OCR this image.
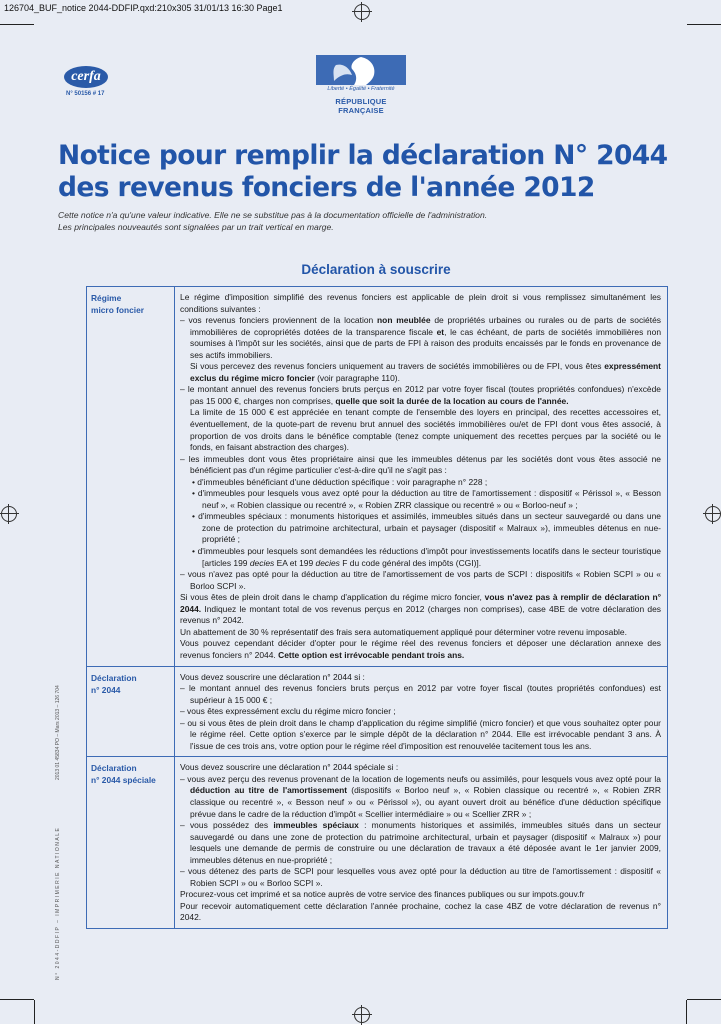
126704_BUF_notice 2044-DDFIP.qxd:210x305 31/01/13 16:30 Page1
cerfa
N° 50156 # 17
Liberté • Égalité • Fraternité
RÉPUBLIQUE FRANÇAISE
Notice pour remplir la déclaration N° 2044
des revenus fonciers de l'année 2012
Cette notice n'a qu'une valeur indicative. Elle ne se substitue pas à la documentation officielle de l'administration.
Les principales nouveautés sont signalées par un trait vertical en marge.
Déclaration à souscrire
Régime
micro foncier

Le régime d'imposition simplifié des revenus fonciers est applicable de plein droit si vous remplissez simultanément les conditions suivantes :

– vos revenus fonciers proviennent de la location non meublée de propriétés urbaines ou rurales ou de parts de sociétés immobilières de copropriétés dotées de la transparence fiscale et, le cas échéant, de parts de sociétés immobilières non soumises à l'impôt sur les sociétés, ainsi que de parts de FPI à raison des produits encaissés par le fonds en provenance de ses actifs immobiliers.

Si vous percevez des revenus fonciers uniquement au travers de sociétés immobilières ou de FPI, vous êtes expressément exclus du régime micro foncier (voir paragraphe 110).

– le montant annuel des revenus fonciers bruts perçus en 2012 par votre foyer fiscal (toutes propriétés confondues) n'excède pas 15 000 €, charges non comprises, quelle que soit la durée de la location au cours de l'année.

La limite de 15 000 € est appréciée en tenant compte de l'ensemble des loyers en principal, des recettes accessoires et, éventuellement, de la quote-part de revenu brut annuel des sociétés immobilières ou/et de FPI dont vous êtes associé, à proportion de vos droits dans le bénéfice comptable (tenez compte uniquement des recettes perçues par la société ou le fonds, en faisant abstraction des charges).

– les immeubles dont vous êtes propriétaire ainsi que les immeubles détenus par les sociétés dont vous êtes associé ne bénéficient pas d'un régime particulier c'est-à-dire qu'il ne s'agit pas :

• d'immeubles bénéficiant d'une déduction spécifique : voir paragraphe n° 228 ;

• d'immeubles pour lesquels vous avez opté pour la déduction au titre de l'amortissement : dispositif « Périssol », « Besson neuf », « Robien classique ou recentré », « Robien ZRR classique ou recentré » ou « Borloo-neuf » ;

• d'immeubles spéciaux : monuments historiques et assimilés, immeubles situés dans un secteur sauvegardé ou dans une zone de protection du patrimoine architectural, urbain et paysager (dispositif « Malraux »), immeubles détenus en nue-propriété ;

• d'immeubles pour lesquels sont demandées les réductions d'impôt pour investissements locatifs dans le secteur touristique [articles 199 decies EA et 199 decies F du code général des impôts (CGI)].

– vous n'avez pas opté pour la déduction au titre de l'amortissement de vos parts de SCPI : dispositifs « Robien SCPI » ou « Borloo SCPI ».

Si vous êtes de plein droit dans le champ d'application du régime micro foncier, vous n'avez pas à remplir de déclaration n° 2044. Indiquez le montant total de vos revenus perçus en 2012 (charges non comprises), case 4BE de votre déclaration des revenus n° 2042.

Un abattement de 30 % représentatif des frais sera automatiquement appliqué pour déterminer votre revenu imposable.

Vous pouvez cependant décider d'opter pour le régime réel des revenus fonciers et déposer une déclaration annexe des revenus fonciers n° 2044. Cette option est irrévocable pendant trois ans.

Déclaration
n° 2044

Vous devez souscrire une déclaration n° 2044 si :

– le montant annuel des revenus fonciers bruts perçus en 2012 par votre foyer fiscal (toutes propriétés confondues) est supérieur à 15 000 € ;

– vous êtes expressément exclu du régime micro foncier ;

– ou si vous êtes de plein droit dans le champ d'application du régime simplifié (micro foncier) et que vous souhaitez opter pour le régime réel. Cette option s'exerce par le simple dépôt de la déclaration n° 2044. Elle est irrévocable pendant 3 ans. À l'issue de ces trois ans, votre option pour le régime réel d'imposition est renouvelée tacitement tous les ans.

Déclaration
n° 2044 spéciale

Vous devez souscrire une déclaration n° 2044 spéciale si :

– vous avez perçu des revenus provenant de la location de logements neufs ou assimilés, pour lesquels vous avez opté pour la déduction au titre de l'amortissement (dispositifs « Borloo neuf », « Robien classique ou recentré », « Robien ZRR classique ou recentré », « Besson neuf » ou « Périssol »), ou ayant ouvert droit au bénéfice d'une déduction spécifique prévue dans le cadre de la réduction d'impôt « Scellier intermédiaire » ou « Scellier ZRR » ;

– vous possédez des immeubles spéciaux : monuments historiques et assimilés, immeubles situés dans un secteur sauvegardé ou dans une zone de protection du patrimoine architectural, urbain et paysager (dispositif « Malraux ») pour lesquels une demande de permis de construire ou une déclaration de travaux a été déposée avant le 1er janvier 2009, immeubles détenus en nue-propriété ;

– vous détenez des parts de SCPI pour lesquelles vous avez opté pour la déduction au titre de l'amortissement : dispositif « Robien SCPI » ou « Borloo SCPI ».

Procurez-vous cet imprimé et sa notice auprès de votre service des finances publiques ou sur impots.gouv.fr

Pour recevoir automatiquement cette déclaration l'année prochaine, cochez la case 4BZ de votre déclaration de revenus n° 2042.

2013 01 45834 PO – Mars 2013 – 126 704
N° 2044-DDFIP – IMPRIMERIE NATIONALE
